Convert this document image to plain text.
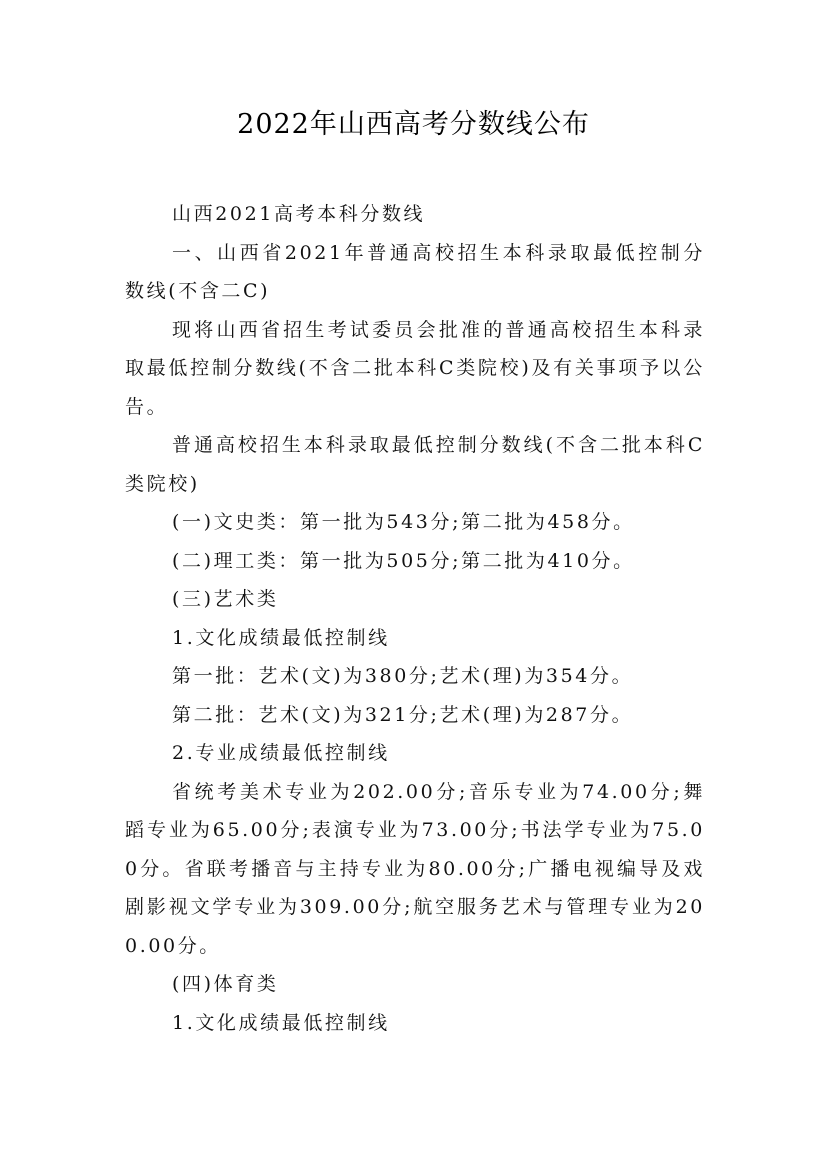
2022年山西高考分数线公布

山西2021高考本科分数线

一、山西省2021年普通高校招生本科录取最低控制分数线(不含二C)

现将山西省招生考试委员会批准的普通高校招生本科录取最低控制分数线(不含二批本科C类院校)及有关事项予以公告。

普通高校招生本科录取最低控制分数线(不含二批本科C类院校)

(一)文史类：第一批为543分;第二批为458分。

(二)理工类：第一批为505分;第二批为410分。

(三)艺术类

1.文化成绩最低控制线

第一批：艺术(文)为380分;艺术(理)为354分。

第二批：艺术(文)为321分;艺术(理)为287分。

2.专业成绩最低控制线

省统考美术专业为202.00分;音乐专业为74.00分;舞蹈专业为65.00分;表演专业为73.00分;书法学专业为75.00分。省联考播音与主持专业为80.00分;广播电视编导及戏剧影视文学专业为309.00分;航空服务艺术与管理专业为200.00分。

(四)体育类

1.文化成绩最低控制线
